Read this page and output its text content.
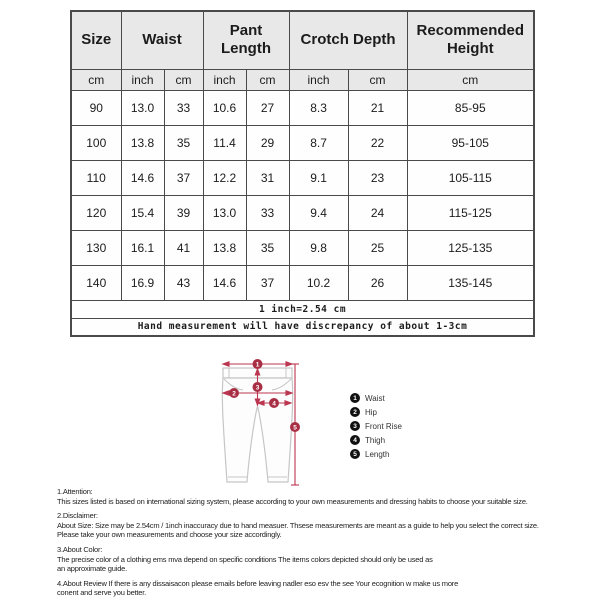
Size	Waist		Pant Length		Crotch Depth		Recommended Height
cm	inch	cm	inch	cm	inch	cm	cm
90	13.0	33	10.6	27	8.3	21	85-95
100	13.8	35	11.4	29	8.7	22	95-105
110	14.6	37	12.2	31	9.1	23	105-115
120	15.4	39	13.0	33	9.4	24	115-125
130	16.1	41	13.8	35	9.8	25	125-135
140	16.9	43	14.6	37	10.2	26	135-145
1 inch=2.54 cm							
Hand measurement will have discrepancy of about 1-3cm							
1
2
3
4
5
1	Waist
2	Hip
3	Front Rise
4	Thigh
5	Length
1.Attention:
This sizes listed is based on international sizing system, please according to your own measurements and dressing habits to choose your suitable size.
2.Disclaimer:
About Size: Size may be 2.54cm / 1inch inaccuracy due to hand measuer. Thsese measurements are meant as a guide to help you select the correct size.
Please take your own measurements and choose your size accordingly.
3.About Color:
The precise color of a clothing ems mva depend on specific conditions The items colors depicted should only be used as
an approximate guide.
4.About Review If there is any dissaisacon please emails before leaving nadler eso esv the see Your ecognition w make us more
conent and serve you better.
